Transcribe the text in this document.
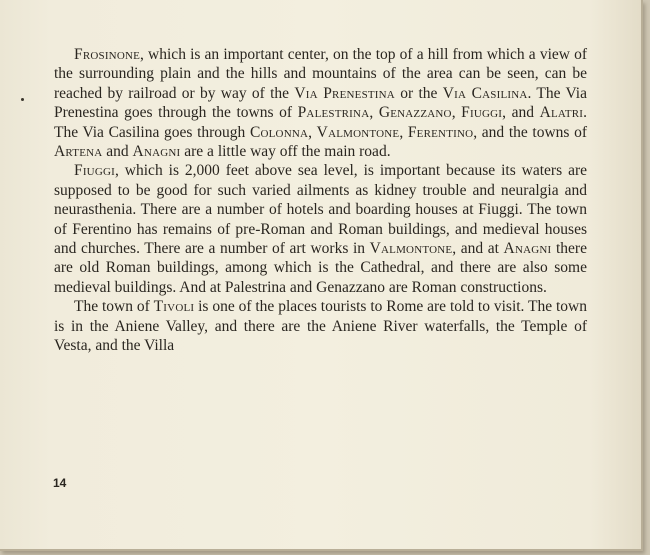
Frosinone, which is an important center, on the top of a hill from which a view of the surrounding plain and the hills and mountains of the area can be seen, can be reached by railroad or by way of the Via Prenestina or the Via Casilina. The Via Prenestina goes through the towns of Palestrina, Genazzano, Fiuggi, and Alatri. The Via Casilina goes through Colonna, Valmontone, Ferentino, and the towns of Artena and Anagni are a little way off the main road.

Fiuggi, which is 2,000 feet above sea level, is important because its waters are supposed to be good for such varied ailments as kidney trouble and neuralgia and neurasthenia. There are a number of hotels and boarding houses at Fiuggi. The town of Ferentino has remains of pre-Roman and Roman buildings, and medieval houses and churches. There are a number of art works in Valmontone, and at Anagni there are old Roman buildings, among which is the Cathedral, and there are also some medieval buildings. And at Palestrina and Genazzano are Roman constructions.

The town of Tivoli is one of the places tourists to Rome are told to visit. The town is in the Aniene Valley, and there are the Aniene River waterfalls, the Temple of Vesta, and the Villa

14
